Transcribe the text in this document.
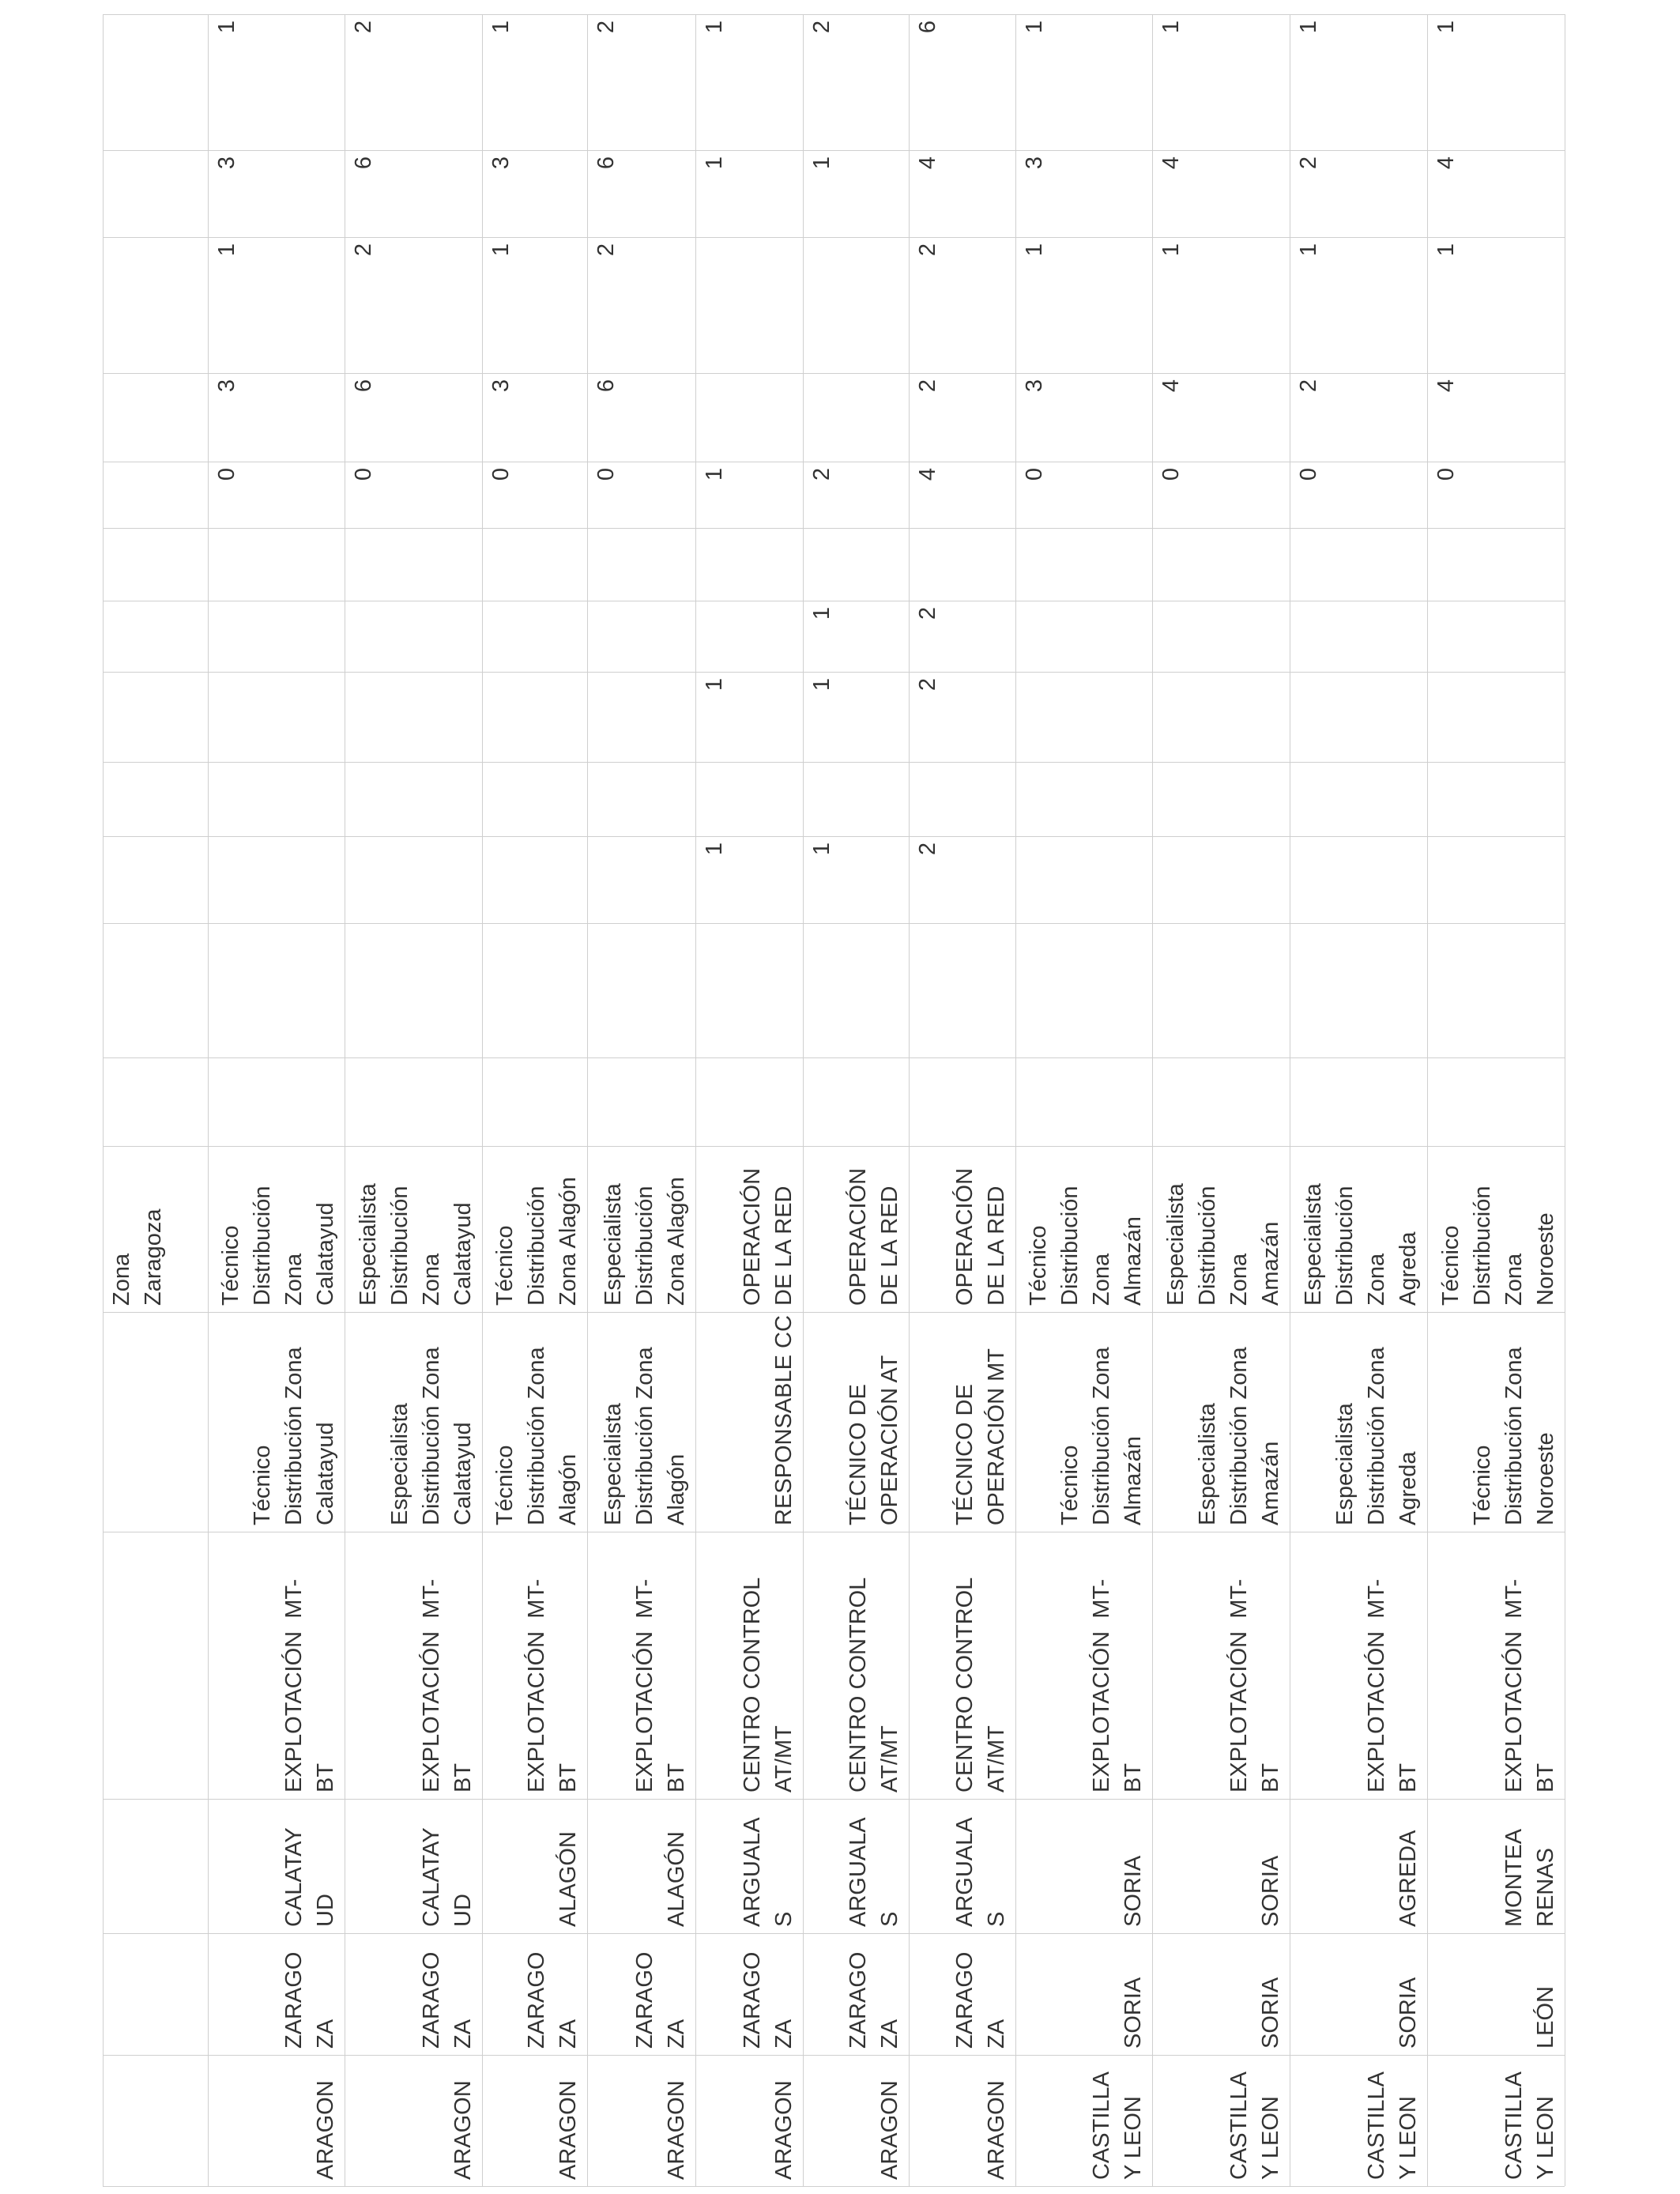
Zona
Zaragoza
ARAGON
ZARAGO
ZA
CALATAY
UD
EXPLOTACIÓN  MT-
BT
Técnico
Distribución Zona
Calatayud
Técnico
Distribución
Zona
Calatayud
0
3
1
3
1
ARAGON
ZARAGO
ZA
CALATAY
UD
EXPLOTACIÓN  MT-
BT
Especialista
Distribución Zona
Calatayud
Especialista
Distribución
Zona
Calatayud
0
6
2
6
2
ARAGON
ZARAGO
ZA
ALAGÓN
EXPLOTACIÓN  MT-
BT
Técnico
Distribución Zona
Alagón
Técnico
Distribución
Zona Alagón
0
3
1
3
1
ARAGON
ZARAGO
ZA
ALAGÓN
EXPLOTACIÓN  MT-
BT
Especialista
Distribución Zona
Alagón
Especialista
Distribución
Zona Alagón
0
6
2
6
2
ARAGON
ZARAGO
ZA
ARGUALA
S
CENTRO CONTROL
AT/MT
RESPONSABLE CC
OPERACIÓN
DE LA RED
1
1
1
1
1
ARAGON
ZARAGO
ZA
ARGUALA
S
CENTRO CONTROL
AT/MT
TÉCNICO DE
OPERACIÓN AT
OPERACIÓN
DE LA RED
1
1
1
2
1
2
ARAGON
ZARAGO
ZA
ARGUALA
S
CENTRO CONTROL
AT/MT
TÉCNICO DE
OPERACIÓN MT
OPERACIÓN
DE LA RED
2
2
2
4
2
2
4
6
CASTILLA
Y LEON
SORIA
SORIA
EXPLOTACIÓN  MT-
BT
Técnico
Distribución Zona
Almazán
Técnico
Distribución
Zona
Almazán
0
3
1
3
1
CASTILLA
Y LEON
SORIA
SORIA
EXPLOTACIÓN  MT-
BT
Especialista
Distribución Zona
Amazán
Especialista
Distribución
Zona
Amazán
0
4
1
4
1
CASTILLA
Y LEON
SORIA
AGREDA
EXPLOTACIÓN  MT-
BT
Especialista
Distribución Zona
Agreda
Especialista
Distribución
Zona
Agreda
0
2
1
2
1
CASTILLA
Y LEON
LEÓN
MONTEA
RENAS
EXPLOTACIÓN  MT-
BT
Técnico
Distribución Zona
Noroeste
Técnico
Distribución
Zona
Noroeste
0
4
1
4
1
